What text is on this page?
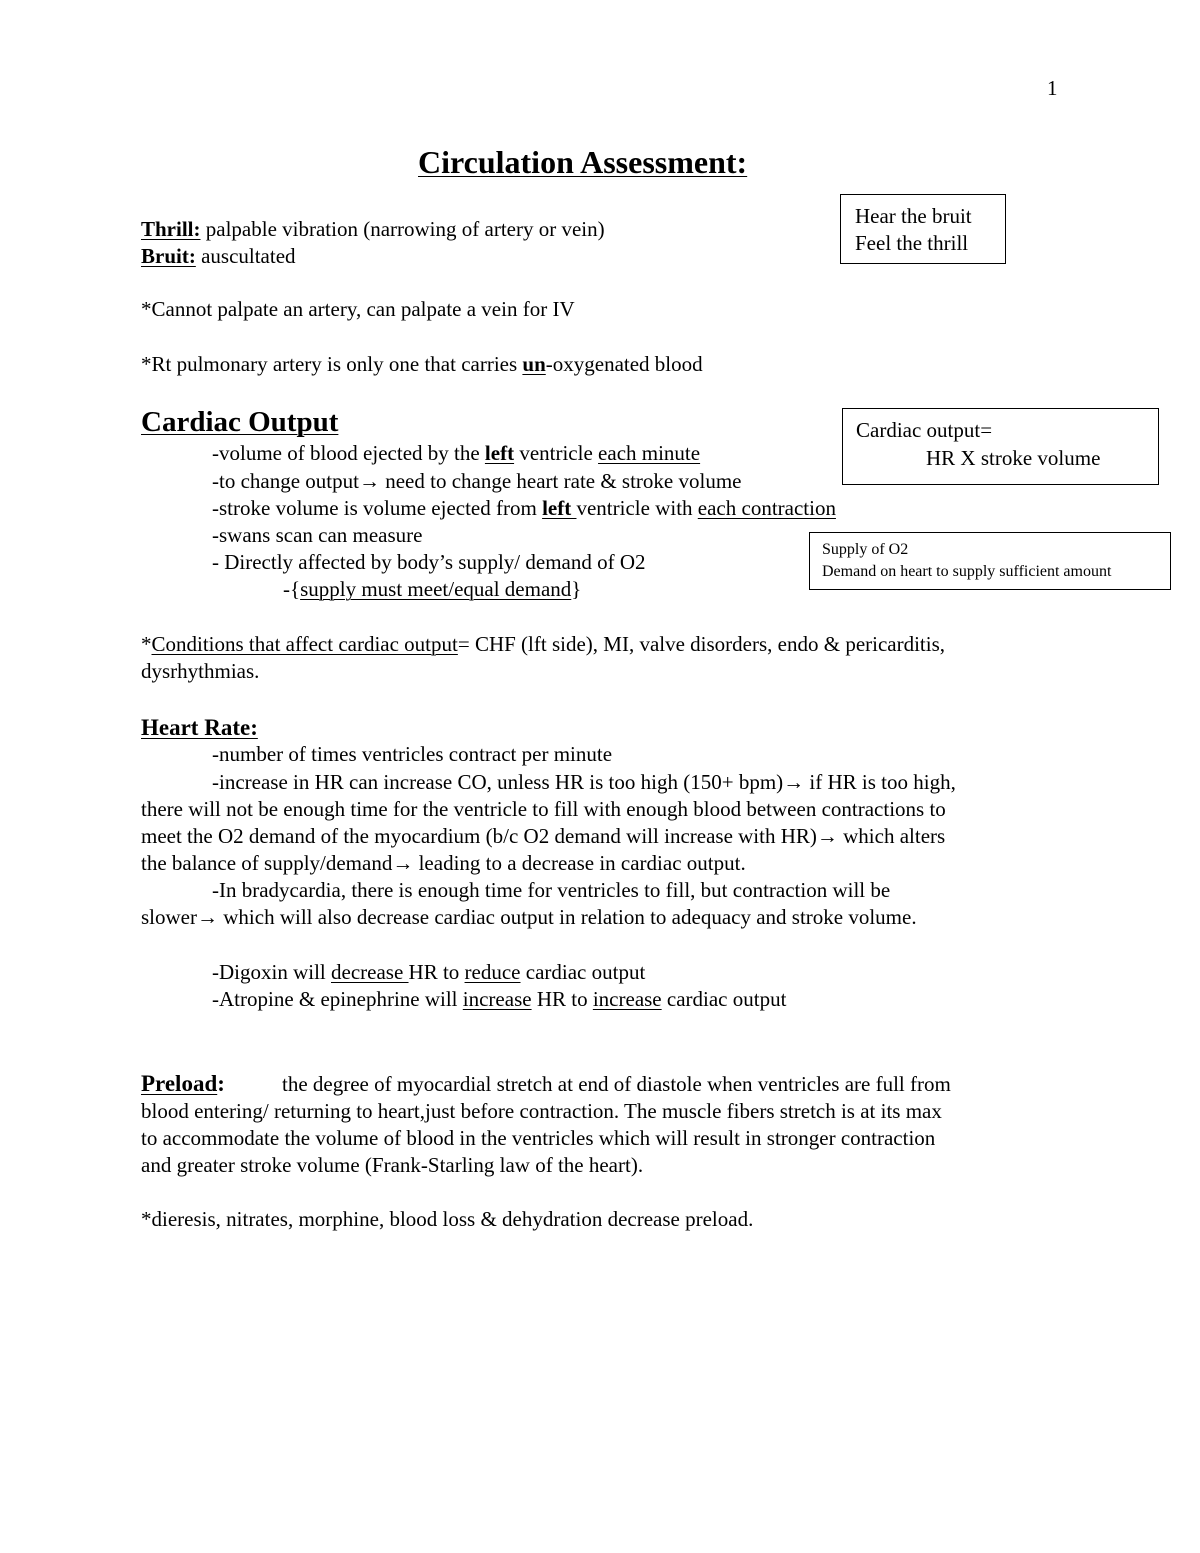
1
Circulation Assessment:
Thrill: palpable vibration (narrowing of artery or vein)
Bruit: auscultated
Hear the bruit
Feel the thrill
*Cannot palpate an artery, can palpate a vein for IV
*Rt pulmonary artery is only one that carries un-oxygenated blood
Cardiac Output
-volume of blood ejected by the left ventricle each minute
-to change output→ need to change heart rate & stroke volume
-stroke volume is volume ejected from left ventricle with each contraction
-swans scan can measure
- Directly affected by body’s supply/ demand of O2
-{supply must meet/equal demand}
Cardiac output=
HR X stroke volume
Supply of O2
Demand on heart to supply sufficient amount
*Conditions that affect cardiac output= CHF (lft side), MI, valve disorders, endo & pericarditis,
dysrhythmias.
Heart Rate:
-number of times ventricles contract per minute
-increase in HR can increase CO, unless HR is too high (150+ bpm)→ if HR is too high,
there will not be enough time for the ventricle to fill with enough blood between contractions to
meet the O2 demand of the myocardium (b/c O2 demand will increase with HR)→ which alters
the balance of supply/demand→ leading to a decrease in cardiac output.
-In bradycardia, there is enough time for ventricles to fill, but contraction will be
slower→ which will also decrease cardiac output in relation to adequacy and stroke volume.
-Digoxin will decrease HR to reduce cardiac output
-Atropine & epinephrine will increase HR to increase cardiac output
Preload:	the degree of myocardial stretch at end of diastole when ventricles are full from
blood entering/ returning to heart,just before contraction. The muscle fibers stretch is at its max
to accommodate the volume of blood in the ventricles which will result in stronger contraction
and greater stroke volume (Frank-Starling law of the heart).
*dieresis, nitrates, morphine, blood loss & dehydration decrease preload.
